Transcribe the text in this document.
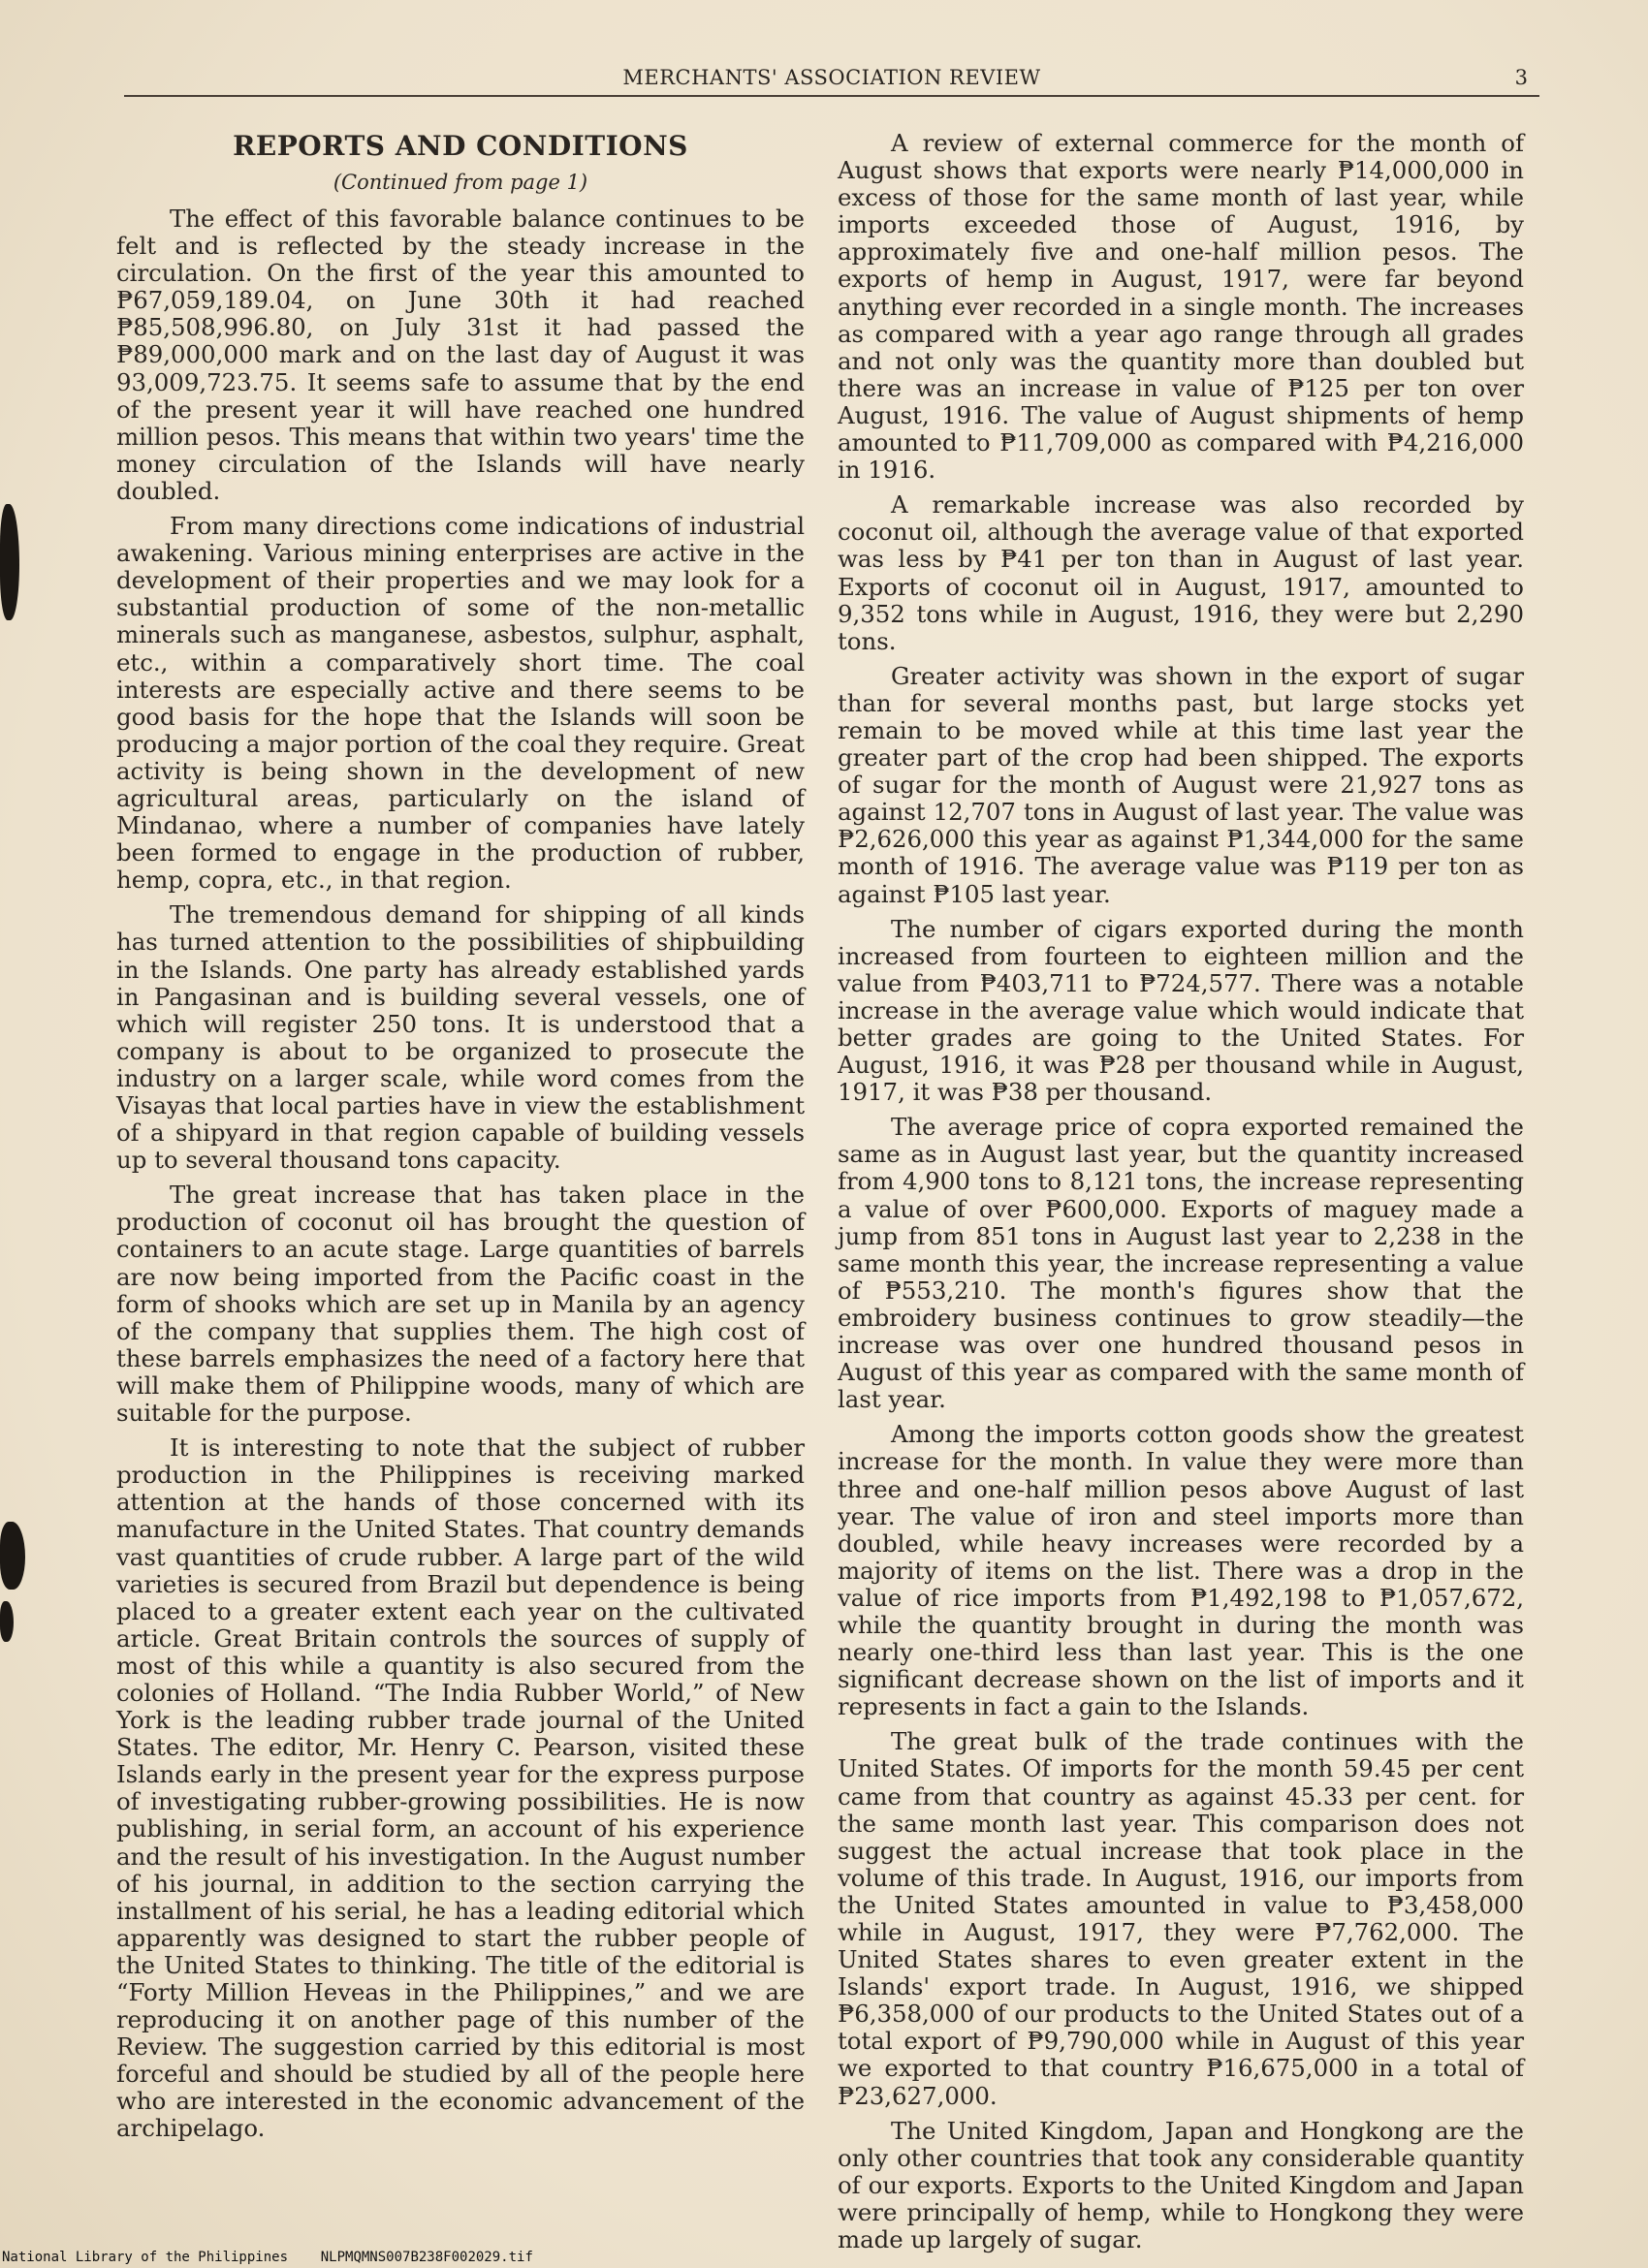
MERCHANTS' ASSOCIATION REVIEW	3
REPORTS AND CONDITIONS
(Continued from page 1)

The effect of this favorable balance continues to be felt and is reflected by the steady increase in the circulation. On the first of the year this amounted to ₱67,059,189.04, on June 30th it had reached ₱85,508,996.80, on July 31st it had passed the ₱89,000,000 mark and on the last day of August it was 93,009,723.75. It seems safe to assume that by the end of the present year it will have reached one hundred million pesos. This means that within two years' time the money circulation of the Islands will have nearly doubled.

From many directions come indications of industrial awakening. Various mining enterprises are active in the development of their properties and we may look for a substantial production of some of the non-metallic minerals such as manganese, asbestos, sulphur, asphalt, etc., within a comparatively short time. The coal interests are especially active and there seems to be good basis for the hope that the Islands will soon be producing a major portion of the coal they require. Great activity is being shown in the development of new agricultural areas, particularly on the island of Mindanao, where a number of companies have lately been formed to engage in the production of rubber, hemp, copra, etc., in that region.

The tremendous demand for shipping of all kinds has turned attention to the possibilities of shipbuilding in the Islands. One party has already established yards in Pangasinan and is building several vessels, one of which will register 250 tons. It is understood that a company is about to be organized to prosecute the industry on a larger scale, while word comes from the Visayas that local parties have in view the establishment of a shipyard in that region capable of building vessels up to several thousand tons capacity.

The great increase that has taken place in the production of coconut oil has brought the question of containers to an acute stage. Large quantities of barrels are now being imported from the Pacific coast in the form of shooks which are set up in Manila by an agency of the company that supplies them. The high cost of these barrels emphasizes the need of a factory here that will make them of Philippine woods, many of which are suitable for the purpose.

It is interesting to note that the subject of rubber production in the Philippines is receiving marked attention at the hands of those concerned with its manufacture in the United States. That country demands vast quantities of crude rubber. A large part of the wild varieties is secured from Brazil but dependence is being placed to a greater extent each year on the cultivated article. Great Britain controls the sources of supply of most of this while a quantity is also secured from the colonies of Holland. “The India Rubber World,” of New York is the leading rubber trade journal of the United States. The editor, Mr. Henry C. Pearson, visited these Islands early in the present year for the express purpose of investigating rubber-growing possibilities. He is now publishing, in serial form, an account of his experience and the result of his investigation. In the August number of his journal, in addition to the section carrying the installment of his serial, he has a leading editorial which apparently was designed to start the rubber people of the United States to thinking. The title of the editorial is “Forty Million Heveas in the Philippines,” and we are reproducing it on another page of this number of the Review. The suggestion carried by this editorial is most forceful and should be studied by all of the people here who are interested in the economic advancement of the archipelago.

A review of external commerce for the month of August shows that exports were nearly ₱14,000,000 in excess of those for the same month of last year, while imports exceeded those of August, 1916, by approximately five and one-half million pesos. The exports of hemp in August, 1917, were far beyond anything ever recorded in a single month. The increases as compared with a year ago range through all grades and not only was the quantity more than doubled but there was an increase in value of ₱125 per ton over August, 1916. The value of August shipments of hemp amounted to ₱11,709,000 as compared with ₱4,216,000 in 1916.

A remarkable increase was also recorded by coconut oil, although the average value of that exported was less by ₱41 per ton than in August of last year. Exports of coconut oil in August, 1917, amounted to 9,352 tons while in August, 1916, they were but 2,290 tons.

Greater activity was shown in the export of sugar than for several months past, but large stocks yet remain to be moved while at this time last year the greater part of the crop had been shipped. The exports of sugar for the month of August were 21,927 tons as against 12,707 tons in August of last year. The value was ₱2,626,000 this year as against ₱1,344,000 for the same month of 1916. The average value was ₱119 per ton as against ₱105 last year.

The number of cigars exported during the month increased from fourteen to eighteen million and the value from ₱403,711 to ₱724,577. There was a notable increase in the average value which would indicate that better grades are going to the United States. For August, 1916, it was ₱28 per thousand while in August, 1917, it was ₱38 per thousand.

The average price of copra exported remained the same as in August last year, but the quantity increased from 4,900 tons to 8,121 tons, the increase representing a value of over ₱600,000. Exports of maguey made a jump from 851 tons in August last year to 2,238 in the same month this year, the increase representing a value of ₱553,210. The month's figures show that the embroidery business continues to grow steadily—the increase was over one hundred thousand pesos in August of this year as compared with the same month of last year.

Among the imports cotton goods show the greatest increase for the month. In value they were more than three and one-half million pesos above August of last year. The value of iron and steel imports more than doubled, while heavy increases were recorded by a majority of items on the list. There was a drop in the value of rice imports from ₱1,492,198 to ₱1,057,672, while the quantity brought in during the month was nearly one-third less than last year. This is the one significant decrease shown on the list of imports and it represents in fact a gain to the Islands.

The great bulk of the trade continues with the United States. Of imports for the month 59.45 per cent came from that country as against 45.33 per cent. for the same month last year. This comparison does not suggest the actual increase that took place in the volume of this trade. In August, 1916, our imports from the United States amounted in value to ₱3,458,000 while in August, 1917, they were ₱7,762,000. The United States shares to even greater extent in the Islands' export trade. In August, 1916, we shipped ₱6,358,000 of our products to the United States out of a total export of ₱9,790,000 while in August of this year we exported to that country ₱16,675,000 in a total of ₱23,627,000.

The United Kingdom, Japan and Hongkong are the only other countries that took any considerable quantity of our exports. Exports to the United Kingdom and Japan were principally of hemp, while to Hongkong they were made up largely of sugar.

National Library of the Philippines NLPMQMNS007B238F002029.tif
